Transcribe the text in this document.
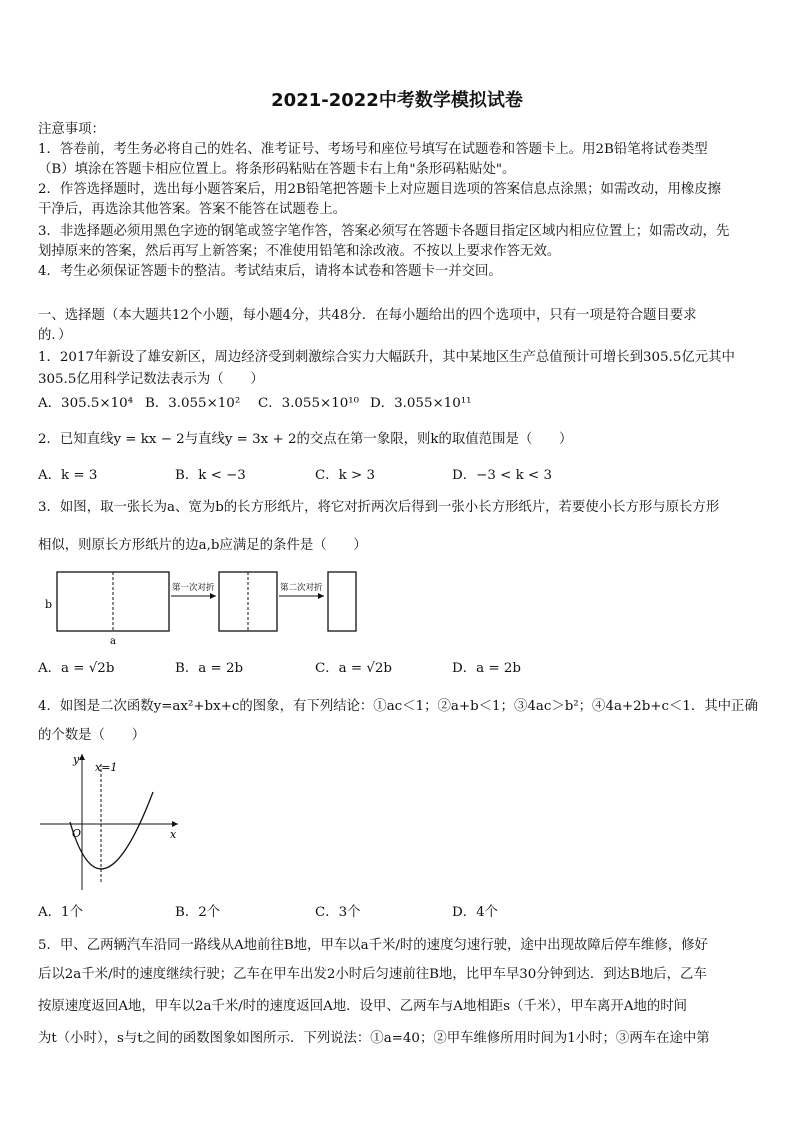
2021-2022中考数学模拟试卷
注意事项：
1．答卷前，考生务必将自己的姓名、准考证号、考场号和座位号填写在试题卷和答题卡上。用2B铅笔将试卷类型
（B）填涂在答题卡相应位置上。将条形码粘贴在答题卡右上角"条形码粘贴处"。
2．作答选择题时，选出每小题答案后，用2B铅笔把答题卡上对应题目选项的答案信息点涂黑；如需改动，用橡皮擦
干净后，再选涂其他答案。答案不能答在试题卷上。
3．非选择题必须用黑色字迹的钢笔或签字笔作答，答案必须写在答题卡各题目指定区域内相应位置上；如需改动，先
划掉原来的答案，然后再写上新答案；不准使用铅笔和涂改液。不按以上要求作答无效。
4．考生必须保证答题卡的整洁。考试结束后，请将本试卷和答题卡一并交回。
一、选择题（本大题共12个小题，每小题4分，共48分．在每小题给出的四个选项中，只有一项是符合题目要求
的．）
1．2017年新设了雄安新区，周边经济受到刺激综合实力大幅跃升，其中某地区生产总值预计可增长到305.5亿元其中
305.5亿用科学记数法表示为（　　）
A．305.5×10⁴ B．3.055×10² C．3.055×10¹⁰ D．3.055×10¹¹
2．已知直线y = kx − 2与直线y = 3x + 2的交点在第一象限，则k的取值范围是（　　）
A．k = 3	B．k < −3	C．k > 3	D．−3 < k < 3
3．如图，取一张长为a、宽为b的长方形纸片，将它对折两次后得到一张小长方形纸片，若要使小长方形与原长方形
相似，则原长方形纸片的边a,b应满足的条件是（　　）
b
a
第一次对折	第二次对折
A．a = √2b	B．a = 2b	C．a = √2b	D．a = 2b
4．如图是二次函数y=ax²+bx+c的图象，有下列结论：①ac＜1；②a+b＜1；③4ac＞b²；④4a+2b+c＜1．其中正确
的个数是（　　）
y
x=1
O	x
A．1个	B．2个	C．3个	D．4个
5．甲、乙两辆汽车沿同一路线从A地前往B地，甲车以a千米/时的速度匀速行驶，途中出现故障后停车维修，修好
后以2a千米/时的速度继续行驶；乙车在甲车出发2小时后匀速前往B地，比甲车早30分钟到达．到达B地后，乙车
按原速度返回A地，甲车以2a千米/时的速度返回A地．设甲、乙两车与A地相距s（千米），甲车离开A地的时间
为t（小时），s与t之间的函数图象如图所示．下列说法：①a=40；②甲车维修所用时间为1小时；③两车在途中第
